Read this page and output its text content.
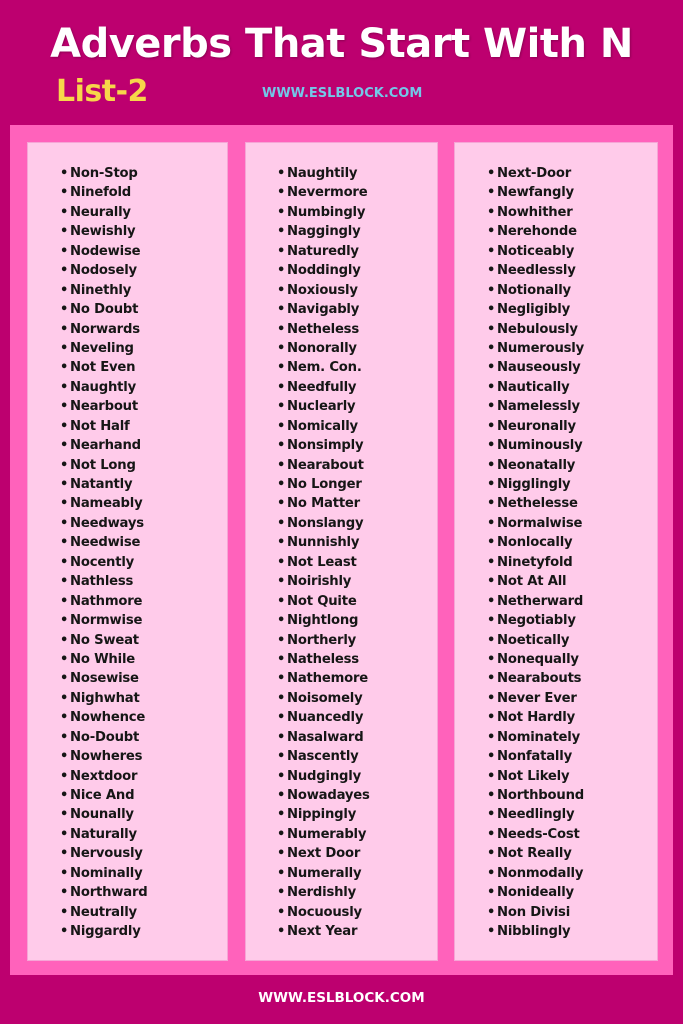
Adverbs That Start With N
List-2	WWW.ESLBLOCK.COM
• Non-Stop
• Ninefold
• Neurally
• Newishly
• Nodewise
• Nodosely
• Ninethly
• No Doubt
• Norwards
• Neveling
• Not Even
• Naughtly
• Nearbout
• Not Half
• Nearhand
• Not Long
• Natantly
• Nameably
• Needways
• Needwise
• Nocently
• Nathless
• Nathmore
• Normwise
• No Sweat
• No While
• Nosewise
• Nighwhat
• Nowhence
• No-Doubt
• Nowheres
• Nextdoor
• Nice And
• Nounally
• Naturally
• Nervously
• Nominally
• Northward
• Neutrally
• Niggardly
• Naughtily
• Nevermore
• Numbingly
• Naggingly
• Naturedly
• Noddingly
• Noxiously
• Navigably
• Netheless
• Nonorally
• Nem. Con.
• Needfully
• Nuclearly
• Nomically
• Nonsimply
• Nearabout
• No Longer
• No Matter
• Nonslangy
• Nunnishly
• Not Least
• Noirishly
• Not Quite
• Nightlong
• Northerly
• Natheless
• Nathemore
• Noisomely
• Nuancedly
• Nasalward
• Nascently
• Nudgingly
• Nowadayes
• Nippingly
• Numerably
• Next Door
• Numerally
• Nerdishly
• Nocuously
• Next Year
• Next-Door
• Newfangly
• Nowhither
• Nerehonde
• Noticeably
• Needlessly
• Notionally
• Negligibly
• Nebulously
• Numerously
• Nauseously
• Nautically
• Namelessly
• Neuronally
• Numinously
• Neonatally
• Nigglingly
• Nethelesse
• Normalwise
• Nonlocally
• Ninetyfold
• Not At All
• Netherward
• Negotiably
• Noetically
• Nonequally
• Nearabouts
• Never Ever
• Not Hardly
• Nominately
• Nonfatally
• Not Likely
• Northbound
• Needlingly
• Needs-Cost
• Not Really
• Nonmodally
• Nonideally
• Non Divisi
• Nibblingly
WWW.ESLBLOCK.COM
